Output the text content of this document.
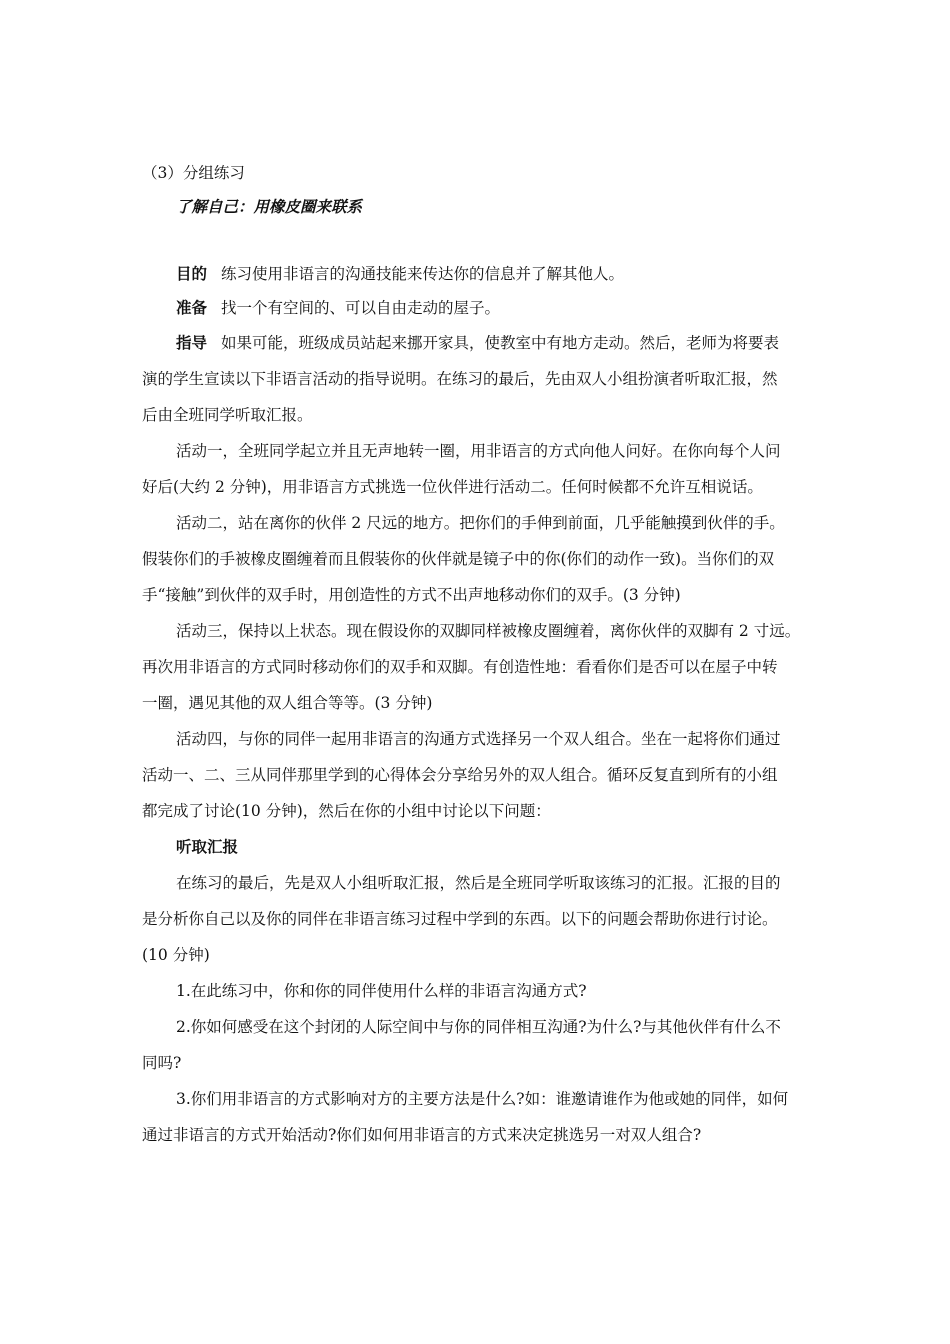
（3）分组练习
了解自己：用橡皮圈来联系
目的 练习使用非语言的沟通技能来传达你的信息并了解其他人。
准备 找一个有空间的、可以自由走动的屋子。
指导 如果可能，班级成员站起来挪开家具，使教室中有地方走动。然后，老师为将要表
演的学生宣读以下非语言活动的指导说明。在练习的最后，先由双人小组扮演者听取汇报，然
后由全班同学听取汇报。
活动一，全班同学起立并且无声地转一圈，用非语言的方式向他人问好。在你向每个人问
好后(大约 2 分钟)，用非语言方式挑选一位伙伴进行活动二。任何时候都不允许互相说话。
活动二，站在离你的伙伴 2 尺远的地方。把你们的手伸到前面，几乎能触摸到伙伴的手。
假装你们的手被橡皮圈缠着而且假装你的伙伴就是镜子中的你(你们的动作一致)。当你们的双
手“接触”到伙伴的双手时，用创造性的方式不出声地移动你们的双手。(3 分钟)
活动三，保持以上状态。现在假设你的双脚同样被橡皮圈缠着，离你伙伴的双脚有 2 寸远。
再次用非语言的方式同时移动你们的双手和双脚。有创造性地：看看你们是否可以在屋子中转
一圈，遇见其他的双人组合等等。(3 分钟)
活动四，与你的同伴一起用非语言的沟通方式选择另一个双人组合。坐在一起将你们通过
活动一、二、三从同伴那里学到的心得体会分享给另外的双人组合。循环反复直到所有的小组
都完成了讨论(10 分钟)，然后在你的小组中讨论以下问题：
听取汇报
在练习的最后，先是双人小组听取汇报，然后是全班同学听取该练习的汇报。汇报的目的
是分析你自己以及你的同伴在非语言练习过程中学到的东西。以下的问题会帮助你进行讨论。
(10 分钟)
1.在此练习中，你和你的同伴使用什么样的非语言沟通方式?
2.你如何感受在这个封闭的人际空间中与你的同伴相互沟通?为什么?与其他伙伴有什么不
同吗?
3.你们用非语言的方式影响对方的主要方法是什么?如：谁邀请谁作为他或她的同伴，如何
通过非语言的方式开始活动?你们如何用非语言的方式来决定挑选另一对双人组合?
